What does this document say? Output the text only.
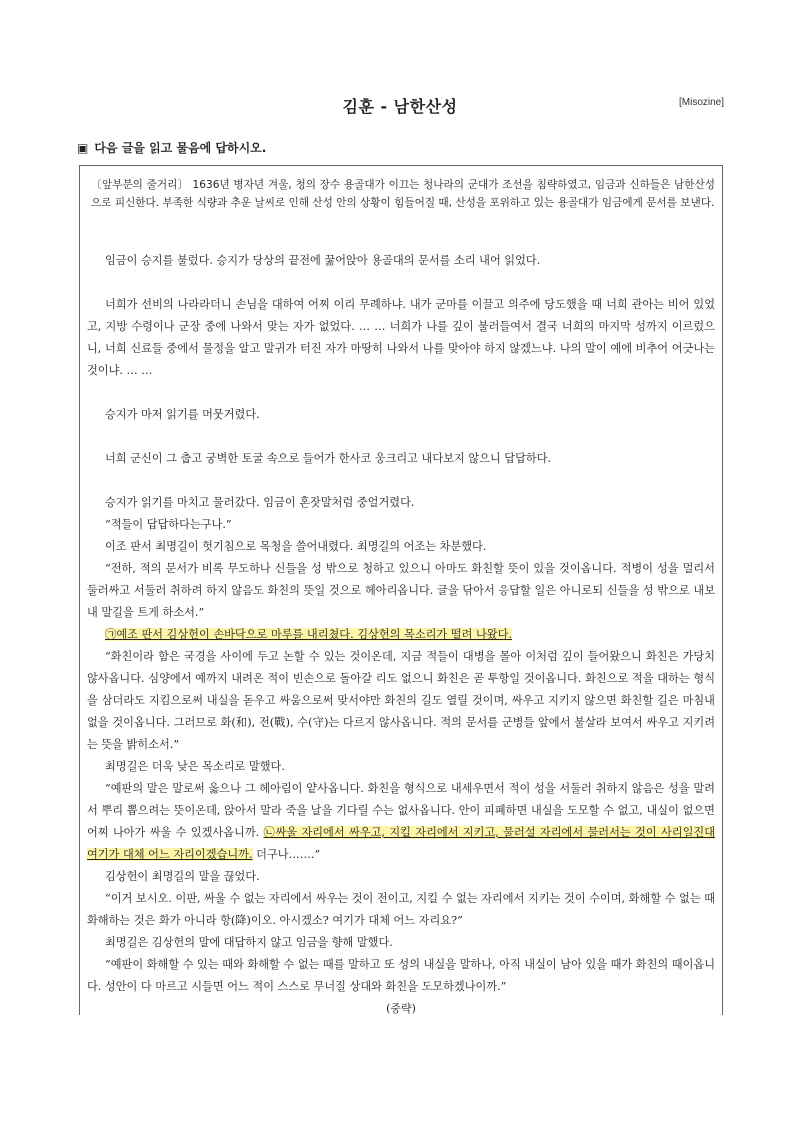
김훈 - 남한산성	[Misozine]
▣ 다음 글을 읽고 물음에 답하시오.

〔앞부분의 줄거리〕 1636년 병자년 겨울, 청의 장수 용골대가 이끄는 청나라의 군대가 조선을 침략하였고, 임금과 신하들은 남한산성으로 피신한다. 부족한 식량과 추운 날씨로 인해 산성 안의 상황이 힘들어질 때, 산성을 포위하고 있는 용골대가 임금에게 문서를 보낸다.

임금이 승지를 불렀다. 승지가 당상의 끝전에 꿇어앉아 용골대의 문서를 소리 내어 읽었다.

너희가 선비의 나라라더니 손님을 대하여 어찌 이리 무례하냐. 내가 군마를 이끌고 의주에 당도했을 때 너희 관아는 비어 있었고, 지방 수령이나 군장 중에 나와서 맞는 자가 없었다. … … 너희가 나를 깊이 불러들여서 결국 너희의 마지막 성까지 이르렀으니, 너희 신료들 중에서 물정을 알고 말귀가 터진 자가 마땅히 나와서 나를 맞아야 하지 않겠느냐. 나의 말이 예에 비추어 어긋나는 것이냐. … …

승지가 마저 읽기를 머뭇거렸다.

너희 군신이 그 춥고 궁벽한 토굴 속으로 들어가 한사코 웅크리고 내다보지 않으니 답답하다.

승지가 읽기를 마치고 물러갔다. 임금이 혼잣말처럼 중얼거렸다.

“적들이 답답하다는구나.”

이조 판서 최명길이 헛기침으로 목청을 쓸어내렸다. 최명길의 어조는 차분했다.

“전하, 적의 문서가 비록 무도하나 신들을 성 밖으로 청하고 있으니 아마도 화친할 뜻이 있을 것이옵니다. 적병이 성을 멀리서 둘러싸고 서둘러 취하려 하지 않음도 화친의 뜻일 것으로 헤아리옵니다. 글을 닦아서 응답할 일은 아니로되 신들을 성 밖으로 내보내 말길을 트게 하소서.”

㉠예조 판서 김상헌이 손바닥으로 마루를 내리쳤다. 김상헌의 목소리가 떨려 나왔다.

“화친이라 함은 국경을 사이에 두고 논할 수 있는 것이온데, 지금 적들이 대병을 몰아 이처럼 깊이 들어왔으니 화친은 가당치 않사옵니다. 심양에서 예까지 내려온 적이 빈손으로 돌아갈 리도 없으니 화친은 곧 투항일 것이옵니다. 화친으로 적을 대하는 형식을 삼더라도 지킴으로써 내실을 돋우고 싸움으로써 맞서야만 화친의 길도 열릴 것이며, 싸우고 지키지 않으면 화친할 길은 마침내 없을 것이옵니다. 그러므로 화(和), 전(戰), 수(守)는 다르지 않사옵니다. 적의 문서를 군병들 앞에서 불살라 보여서 싸우고 지키려는 뜻을 밝히소서.”

최명길은 더욱 낮은 목소리로 말했다.

“예판의 말은 말로써 옳으나 그 헤아림이 얕사옵니다. 화친을 형식으로 내세우면서 적이 성을 서둘러 취하지 않음은 성을 말려서 뿌리 뽑으려는 뜻이온데, 앉아서 말라 죽을 날을 기다릴 수는 없사옵니다. 안이 피폐하면 내실을 도모할 수 없고, 내실이 없으면 어찌 나아가 싸울 수 있겠사옵니까. ㉡싸울 자리에서 싸우고, 지킬 자리에서 지키고, 물러설 자리에서 물러서는 것이 사리일진대 여기가 대체 어느 자리이겠습니까. 더구나…….”

김상헌이 최명길의 말을 끊었다.

“이거 보시오. 이판, 싸울 수 없는 자리에서 싸우는 것이 전이고, 지킬 수 없는 자리에서 지키는 것이 수이며, 화해할 수 없는 때 화해하는 것은 화가 아니라 항(降)이오. 아시겠소? 여기가 대체 어느 자리요?”

최명길은 김상헌의 말에 대답하지 않고 임금을 향해 말했다.

“예판이 화해할 수 있는 때와 화해할 수 없는 때를 말하고 또 성의 내실을 말하나, 아직 내실이 남아 있을 때가 화친의 때이옵니다. 성안이 다 마르고 시들면 어느 적이 스스로 무너질 상대와 화친을 도모하겠나이까.”

(중략)
